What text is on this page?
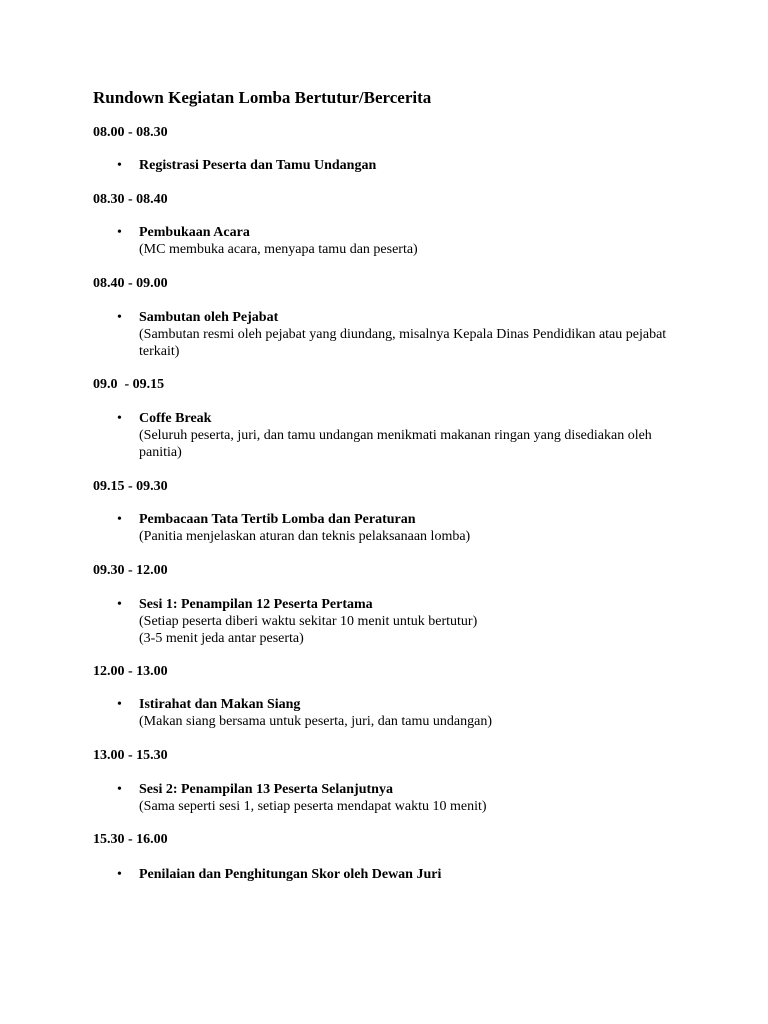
Rundown Kegiatan Lomba Bertutur/Bercerita
08.00 - 08.30
• Registrasi Peserta dan Tamu Undangan
08.30 - 08.40
• Pembukaan Acara
(MC membuka acara, menyapa tamu dan peserta)
08.40 - 09.00
• Sambutan oleh Pejabat
(Sambutan resmi oleh pejabat yang diundang, misalnya Kepala Dinas Pendidikan atau pejabat terkait)
09.0  - 09.15
• Coffe Break
(Seluruh peserta, juri, dan tamu undangan menikmati makanan ringan yang disediakan oleh panitia)
09.15 - 09.30
• Pembacaan Tata Tertib Lomba dan Peraturan
(Panitia menjelaskan aturan dan teknis pelaksanaan lomba)
09.30 - 12.00
• Sesi 1: Penampilan 12 Peserta Pertama
(Setiap peserta diberi waktu sekitar 10 menit untuk bertutur)
(3-5 menit jeda antar peserta)
12.00 - 13.00
• Istirahat dan Makan Siang
(Makan siang bersama untuk peserta, juri, dan tamu undangan)
13.00 - 15.30
• Sesi 2: Penampilan 13 Peserta Selanjutnya
(Sama seperti sesi 1, setiap peserta mendapat waktu 10 menit)
15.30 - 16.00
• Penilaian dan Penghitungan Skor oleh Dewan Juri
